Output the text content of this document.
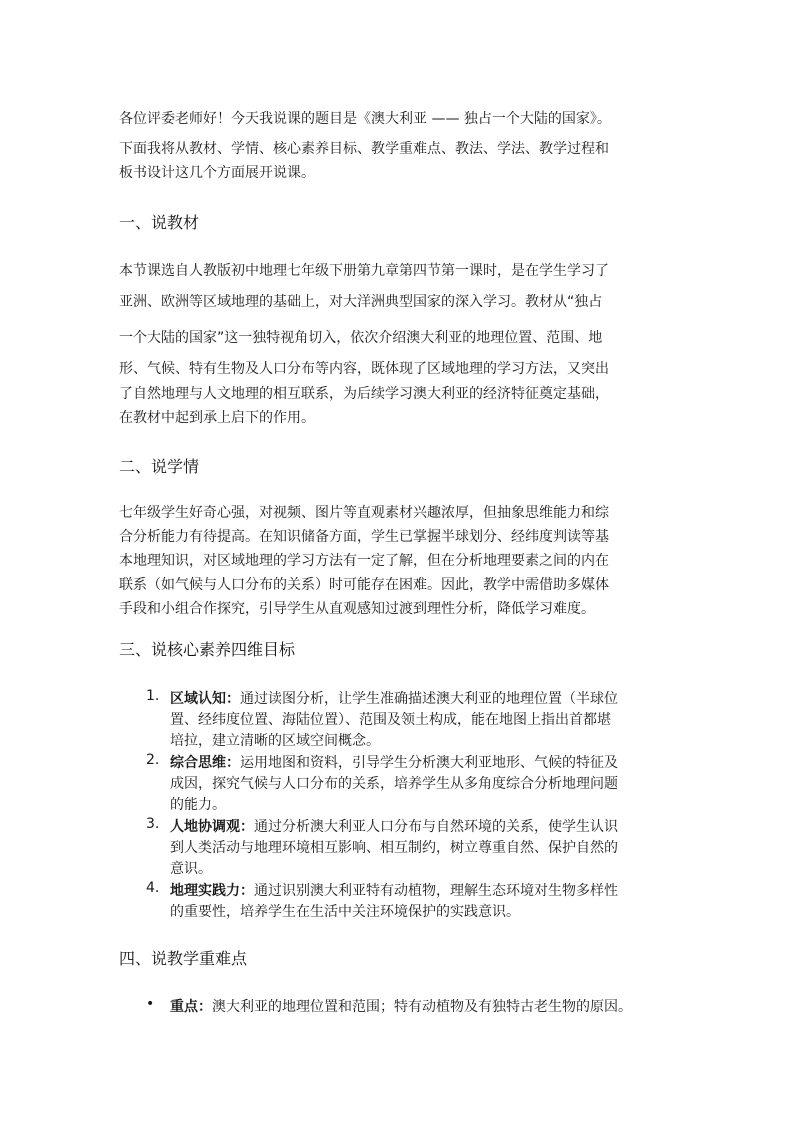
各位评委老师好！今天我说课的题目是《澳大利亚 —— 独占一个大陆的国家》。
下面我将从教材、学情、核心素养目标、教学重难点、教法、学法、教学过程和
板书设计这几个方面展开说课。
一、说教材
本节课选自人教版初中地理七年级下册第九章第四节第一课时，是在学生学习了
亚洲、欧洲等区域地理的基础上，对大洋洲典型国家的深入学习。教材从“独占
一个大陆的国家”这一独特视角切入，依次介绍澳大利亚的地理位置、范围、地
形、气候、特有生物及人口分布等内容，既体现了区域地理的学习方法，又突出
了自然地理与人文地理的相互联系，为后续学习澳大利亚的经济特征奠定基础，
在教材中起到承上启下的作用。
二、说学情
七年级学生好奇心强，对视频、图片等直观素材兴趣浓厚，但抽象思维能力和综
合分析能力有待提高。在知识储备方面，学生已掌握半球划分、经纬度判读等基
本地理知识，对区域地理的学习方法有一定了解，但在分析地理要素之间的内在
联系（如气候与人口分布的关系）时可能存在困难。因此，教学中需借助多媒体
手段和小组合作探究，引导学生从直观感知过渡到理性分析，降低学习难度。
三、说核心素养四维目标
1. 区域认知：通过读图分析，让学生准确描述澳大利亚的地理位置（半球位
置、经纬度位置、海陆位置）、范围及领土构成，能在地图上指出首都堪
培拉，建立清晰的区域空间概念。
2. 综合思维：运用地图和资料，引导学生分析澳大利亚地形、气候的特征及
成因，探究气候与人口分布的关系，培养学生从多角度综合分析地理问题
的能力。
3. 人地协调观：通过分析澳大利亚人口分布与自然环境的关系，使学生认识
到人类活动与地理环境相互影响、相互制约，树立尊重自然、保护自然的
意识。
4. 地理实践力：通过识别澳大利亚特有动植物，理解生态环境对生物多样性
的重要性，培养学生在生活中关注环境保护的实践意识。
四、说教学重难点
• 重点：澳大利亚的地理位置和范围；特有动植物及有独特古老生物的原因。
